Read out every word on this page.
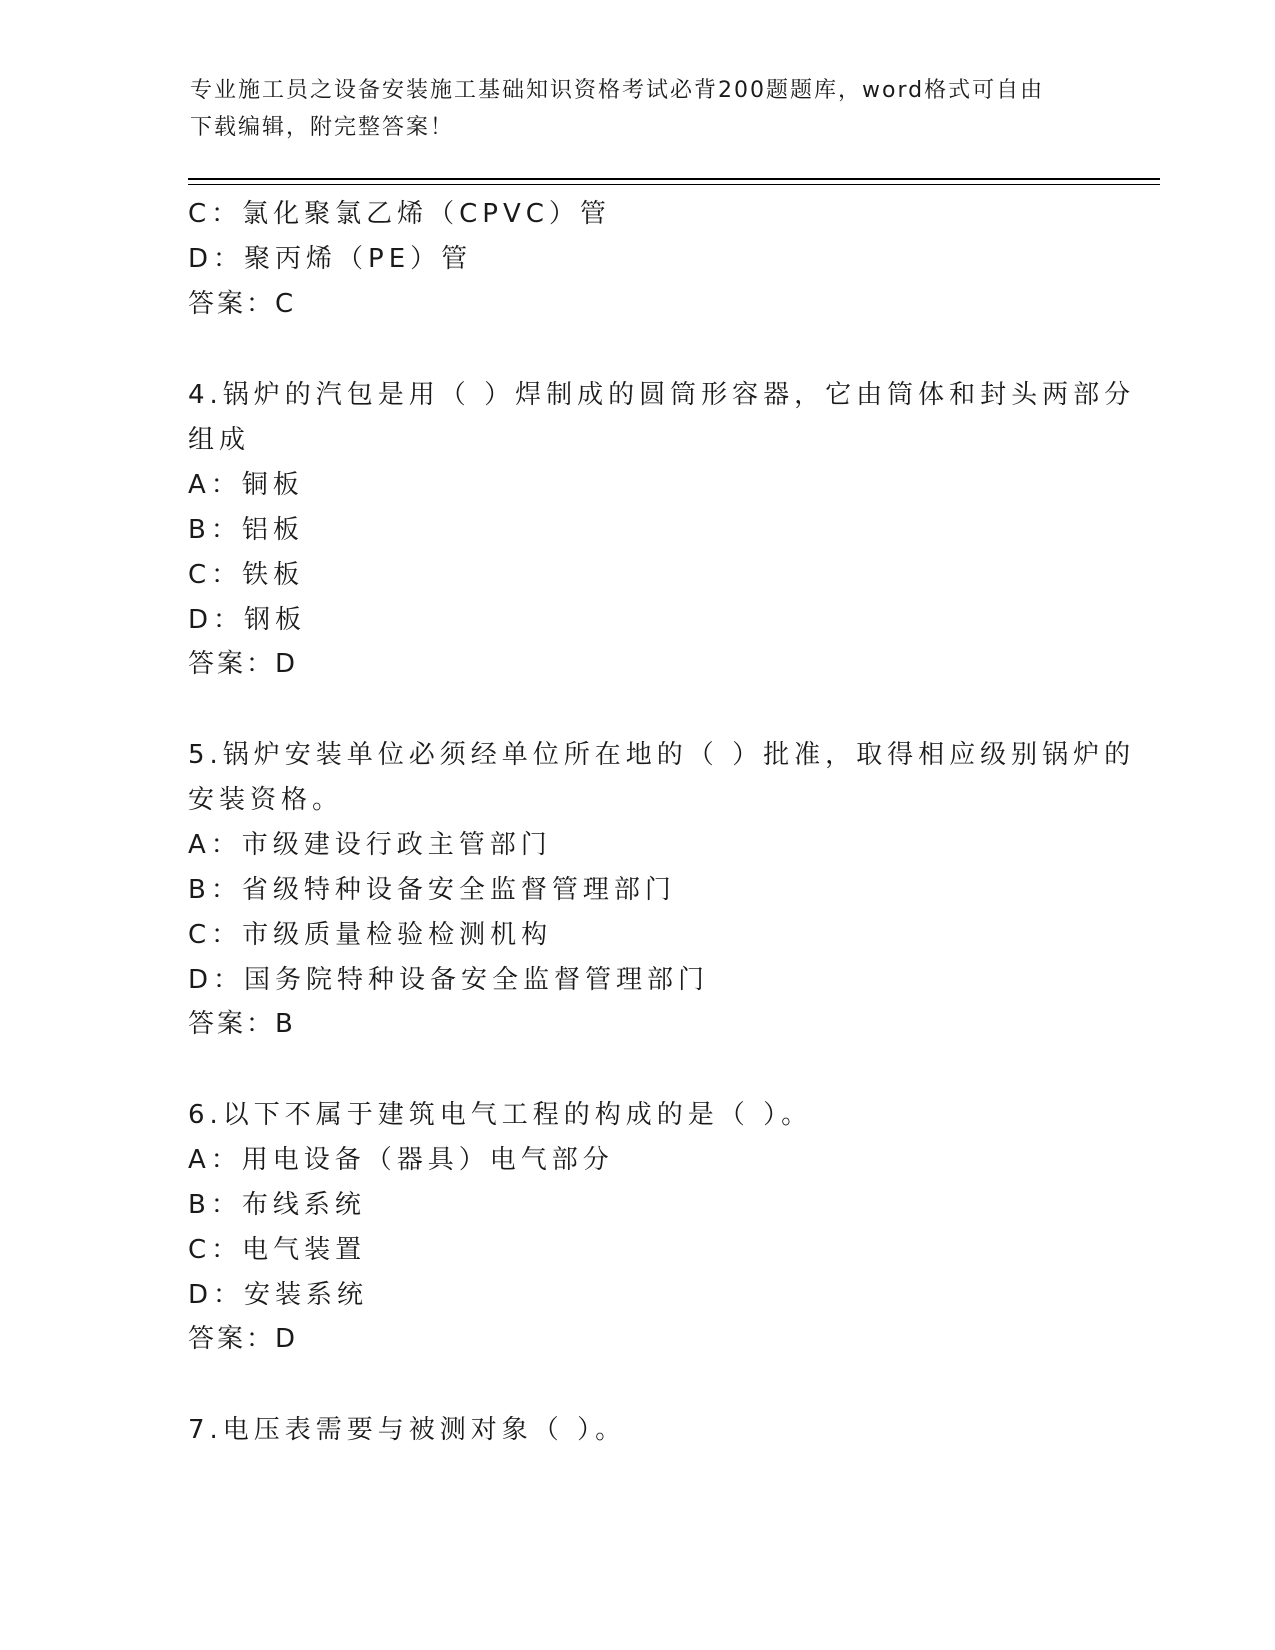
专业施工员之设备安装施工基础知识资格考试必背200题题库，word格式可自由
下载编辑，附完整答案！
C：氯化聚氯乙烯（CPVC）管
D：聚丙烯（PE）管
答案：C
4.锅炉的汽包是用（ ）焊制成的圆筒形容器，它由筒体和封头两部分
组成
A：铜板
B：铝板
C：铁板
D：钢板
答案：D
5.锅炉安装单位必须经单位所在地的（ ）批准，取得相应级别锅炉的
安装资格。
A：市级建设行政主管部门
B：省级特种设备安全监督管理部门
C：市级质量检验检测机构
D：国务院特种设备安全监督管理部门
答案：B
6.以下不属于建筑电气工程的构成的是（ ）。
A：用电设备（器具）电气部分
B：布线系统
C：电气装置
D：安装系统
答案：D
7.电压表需要与被测对象（ ）。
